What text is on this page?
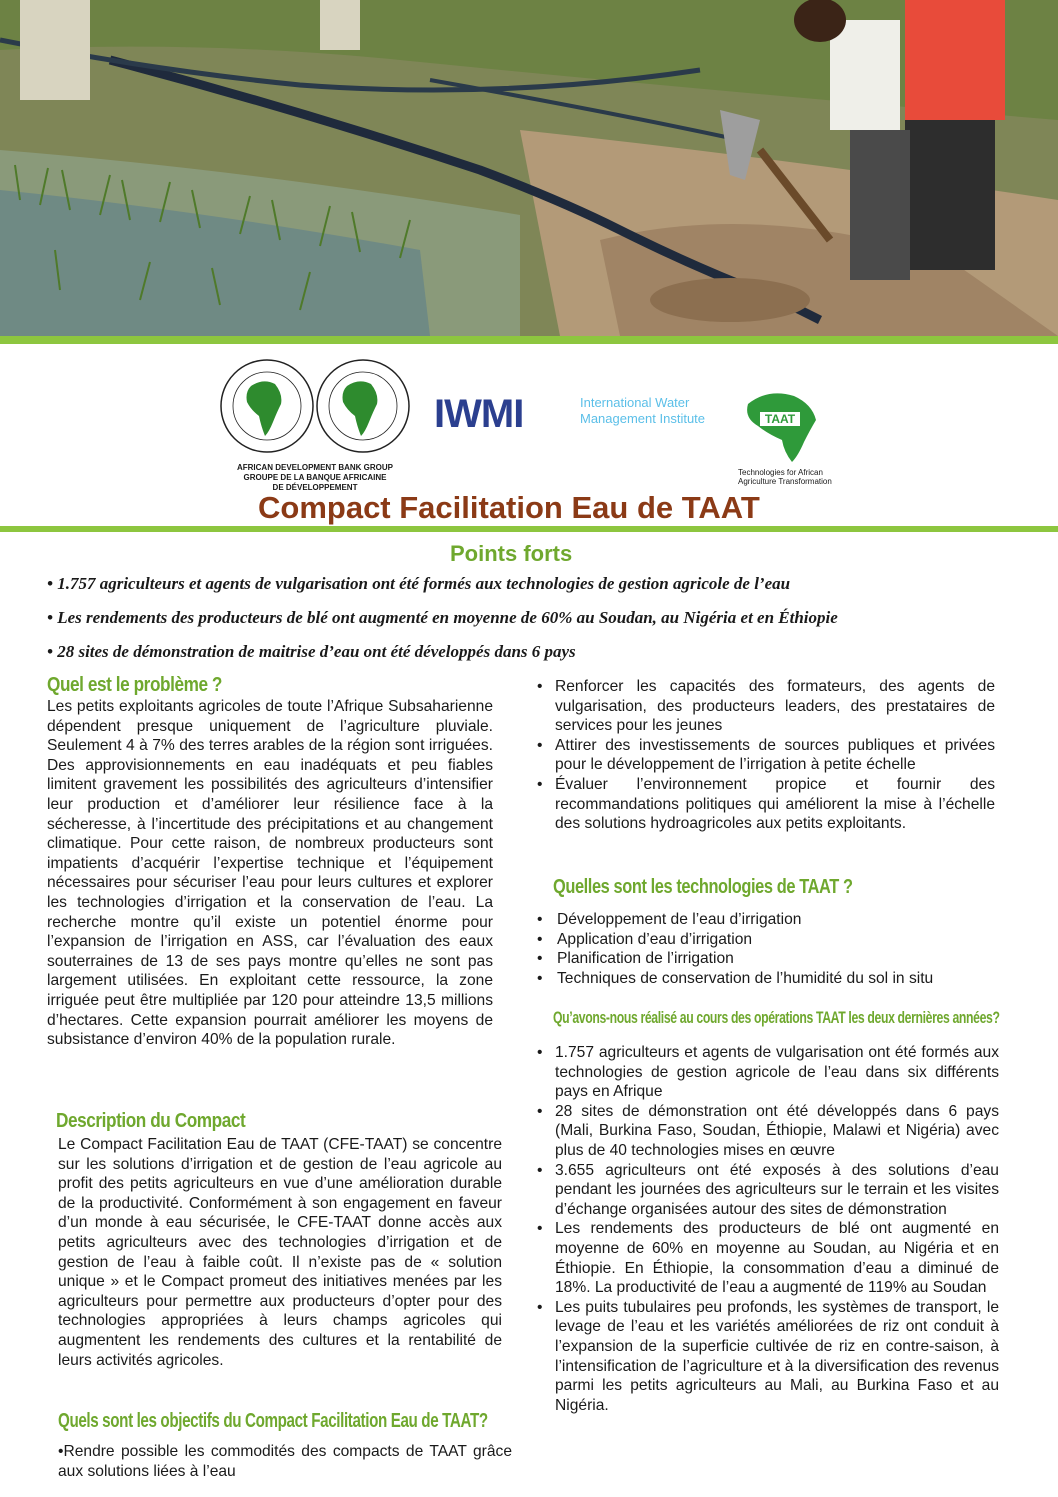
AFRICAN DEVELOPMENT BANK GROUP
GROUPE DE LA BANQUE AFRICAINE
DE DÉVELOPPEMENT
IWMI	International Water
Management Institute	TAAT
Technologies for African
Agriculture Transformation
Compact Facilitation Eau de TAAT
Points forts
• 1.757 agriculteurs et agents de vulgarisation ont été formés aux technologies de gestion agricole de l’eau
• Les rendements des producteurs de blé ont augmenté en moyenne de 60% au Soudan, au Nigéria et en Éthiopie
• 28 sites de démonstration de maitrise d’eau ont été développés dans 6 pays
Quel est le problème ?
Les petits exploitants agricoles de toute l’Afrique Subsaharienne dépendent presque uniquement de l’agriculture pluviale. Seulement 4 à 7% des terres arables de la région sont irriguées. Des approvisionnements en eau inadéquats et peu fiables limitent gravement les possibilités des agriculteurs d’intensifier leur production et d’améliorer leur résilience face à la sécheresse, à l’incertitude des précipitations et au changement climatique. Pour cette raison, de nombreux producteurs sont impatients d’acquérir l’expertise technique et l’équipement nécessaires pour sécuriser l’eau pour leurs cultures et explorer les technologies d’irrigation et la conservation de l’eau. La recherche montre qu’il existe un potentiel énorme pour l’expansion de l’irrigation en ASS, car l’évaluation des eaux souterraines de 13 de ses pays montre qu’elles ne sont pas largement utilisées. En exploitant cette ressource, la zone irriguée peut être multipliée par 120 pour atteindre 13,5 millions d’hectares. Cette expansion pourrait améliorer les moyens de subsistance d’environ 40% de la population rurale.
Description du Compact
Le Compact Facilitation Eau de TAAT (CFE-TAAT) se concentre sur les solutions d’irrigation et de gestion de l’eau agricole au profit des petits agriculteurs en vue d’une amélioration durable de la productivité. Conformément à son engagement en faveur d’un monde à eau sécurisée, le CFE-TAAT donne accès aux petits agriculteurs avec des technologies d’irrigation et de gestion de l’eau à faible coût. Il n’existe pas de « solution unique » et le Compact promeut des initiatives menées par les agriculteurs pour permettre aux producteurs d’opter pour des technologies appropriées à leurs champs agricoles qui augmentent les rendements des cultures et la rentabilité de leurs activités agricoles.
Quels sont les objectifs du Compact Facilitation Eau de TAAT?
•Rendre possible les commodités des compacts de TAAT grâce aux solutions liées à l’eau
• Renforcer les capacités des formateurs, des agents de vulgarisation, des producteurs leaders, des prestataires de services pour les jeunes
• Attirer des investissements de sources publiques et privées pour le développement de l’irrigation à petite échelle
• Évaluer l’environnement propice et fournir des recommandations politiques qui améliorent la mise à l’échelle des solutions hydroagricoles aux petits exploitants.
Quelles sont les technologies de TAAT ?
• Développement de l’eau d’irrigation
• Application d’eau d’irrigation
• Planification de l’irrigation
• Techniques de conservation de l’humidité du sol in situ
Qu’avons-nous réalisé au cours des opérations TAAT les deux dernières années?
• 1.757 agriculteurs et agents de vulgarisation ont été formés aux technologies de gestion agricole de l’eau dans six différents pays en Afrique
• 28 sites de démonstration ont été développés dans 6 pays (Mali, Burkina Faso, Soudan, Éthiopie, Malawi et Nigéria) avec plus de 40 technologies mises en œuvre
• 3.655 agriculteurs ont été exposés à des solutions d’eau pendant les journées des agriculteurs sur le terrain et les visites d’échange organisées autour des sites de démonstration
• Les rendements des producteurs de blé ont augmenté en moyenne de 60% en moyenne au Soudan, au Nigéria et en Éthiopie. En Éthiopie, la consommation d’eau a diminué de 18%. La productivité de l’eau a augmenté de 119% au Soudan
• Les puits tubulaires peu profonds, les systèmes de transport, le levage de l’eau et les variétés améliorées de riz ont conduit à l’expansion de la superficie cultivée de riz en contre-saison, à l’intensification de l’agriculture et à la diversification des revenus parmi les petits agriculteurs au Mali, au Burkina Faso et au Nigéria.
